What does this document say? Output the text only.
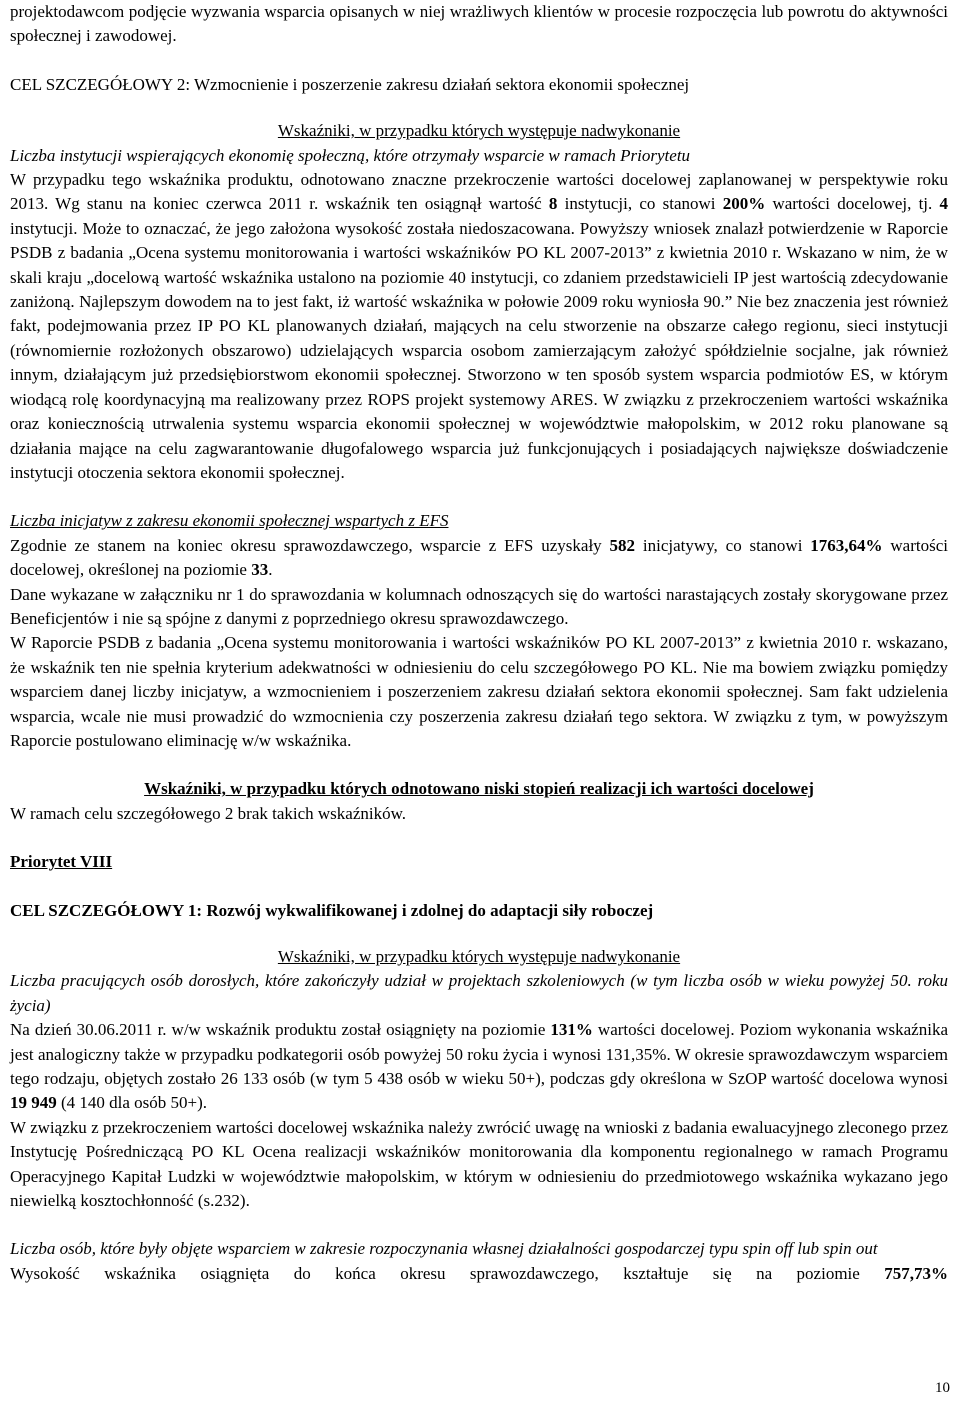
projektodawcom podjęcie wyzwania wsparcia opisanych w niej wrażliwych klientów w procesie rozpoczęcia lub powrotu do aktywności społecznej i zawodowej.

CEL SZCZEGÓŁOWY 2: Wzmocnienie i poszerzenie zakresu działań sektora ekonomii społecznej

Wskaźniki, w przypadku których występuje nadwykonanie

Liczba instytucji wspierających ekonomię społeczną, które otrzymały wsparcie w ramach Priorytetu

W przypadku tego wskaźnika produktu, odnotowano znaczne przekroczenie wartości docelowej zaplanowanej w perspektywie roku 2013. Wg stanu na koniec czerwca 2011 r. wskaźnik ten osiągnął wartość 8 instytucji, co stanowi 200% wartości docelowej, tj. 4 instytucji. Może to oznaczać, że jego założona wysokość została niedoszacowana. Powyższy wniosek znalazł potwierdzenie w Raporcie PSDB z badania „Ocena systemu monitorowania i wartości wskaźników PO KL 2007-2013” z kwietnia 2010 r. Wskazano w nim, że w skali kraju „docelową wartość wskaźnika ustalono na poziomie 40 instytucji, co zdaniem przedstawicieli IP jest wartością zdecydowanie zaniżoną. Najlepszym dowodem na to jest fakt, iż wartość wskaźnika w połowie 2009 roku wyniosła 90.” Nie bez znaczenia jest również fakt, podejmowania przez IP PO KL planowanych działań, mających na celu stworzenie na obszarze całego regionu, sieci instytucji (równomiernie rozłożonych obszarowo) udzielających wsparcia osobom zamierzającym założyć spółdzielnie socjalne, jak również innym, działającym już przedsiębiorstwom ekonomii społecznej. Stworzono w ten sposób system wsparcia podmiotów ES, w którym wiodącą rolę koordynacyjną ma realizowany przez ROPS projekt systemowy ARES. W związku z przekroczeniem wartości wskaźnika oraz koniecznością utrwalenia systemu wsparcia ekonomii społecznej w województwie małopolskim, w 2012 roku planowane są działania mające na celu zagwarantowanie długofalowego wsparcia już funkcjonujących i posiadających największe doświadczenie instytucji otoczenia sektora ekonomii społecznej.

Liczba inicjatyw z zakresu ekonomii społecznej wspartych z EFS

Zgodnie ze stanem na koniec okresu sprawozdawczego, wsparcie z EFS uzyskały 582 inicjatywy, co stanowi 1763,64% wartości docelowej, określonej na poziomie 33.

Dane wykazane w załączniku nr 1 do sprawozdania w kolumnach odnoszących się do wartości narastających zostały skorygowane przez Beneficjentów i nie są spójne z danymi z poprzedniego okresu sprawozdawczego.

W Raporcie PSDB z badania „Ocena systemu monitorowania i wartości wskaźników PO KL 2007-2013” z kwietnia 2010 r. wskazano, że wskaźnik ten nie spełnia kryterium adekwatności w odniesieniu do celu szczegółowego PO KL. Nie ma bowiem związku pomiędzy wsparciem danej liczby inicjatyw, a wzmocnieniem i poszerzeniem zakresu działań sektora ekonomii społecznej. Sam fakt udzielenia wsparcia, wcale nie musi prowadzić do wzmocnienia czy poszerzenia zakresu działań tego sektora. W związku z tym, w powyższym Raporcie postulowano eliminację w/w wskaźnika.

Wskaźniki, w przypadku których odnotowano niski stopień realizacji ich wartości docelowej

W ramach celu szczegółowego 2 brak takich wskaźników.

Priorytet VIII

CEL SZCZEGÓŁOWY 1: Rozwój wykwalifikowanej i zdolnej do adaptacji siły roboczej

Wskaźniki, w przypadku których występuje nadwykonanie

Liczba pracujących osób dorosłych, które zakończyły udział w projektach szkoleniowych (w tym liczba osób w wieku powyżej 50. roku życia)

Na dzień 30.06.2011 r. w/w wskaźnik produktu został osiągnięty na poziomie 131% wartości docelowej. Poziom wykonania wskaźnika jest analogiczny także w przypadku podkategorii osób powyżej 50 roku życia i wynosi 131,35%. W okresie sprawozdawczym wsparciem tego rodzaju, objętych zostało 26 133 osób (w tym 5 438 osób w wieku 50+), podczas gdy określona w SzOP wartość docelowa wynosi 19 949 (4 140 dla osób 50+).

W związku z przekroczeniem wartości docelowej wskaźnika należy zwrócić uwagę na wnioski z badania ewaluacyjnego zleconego przez Instytucję Pośredniczącą PO KL Ocena realizacji wskaźników monitorowania dla komponentu regionalnego w ramach Programu Operacyjnego Kapitał Ludzki w województwie małopolskim, w którym w odniesieniu do przedmiotowego wskaźnika wykazano jego niewielką kosztochłonność (s.232).

Liczba osób, które były objęte wsparciem w zakresie rozpoczynania własnej działalności gospodarczej typu spin off lub spin out

Wysokość wskaźnika osiągnięta do końca okresu sprawozdawczego, kształtuje się na poziomie 757,73%

10
